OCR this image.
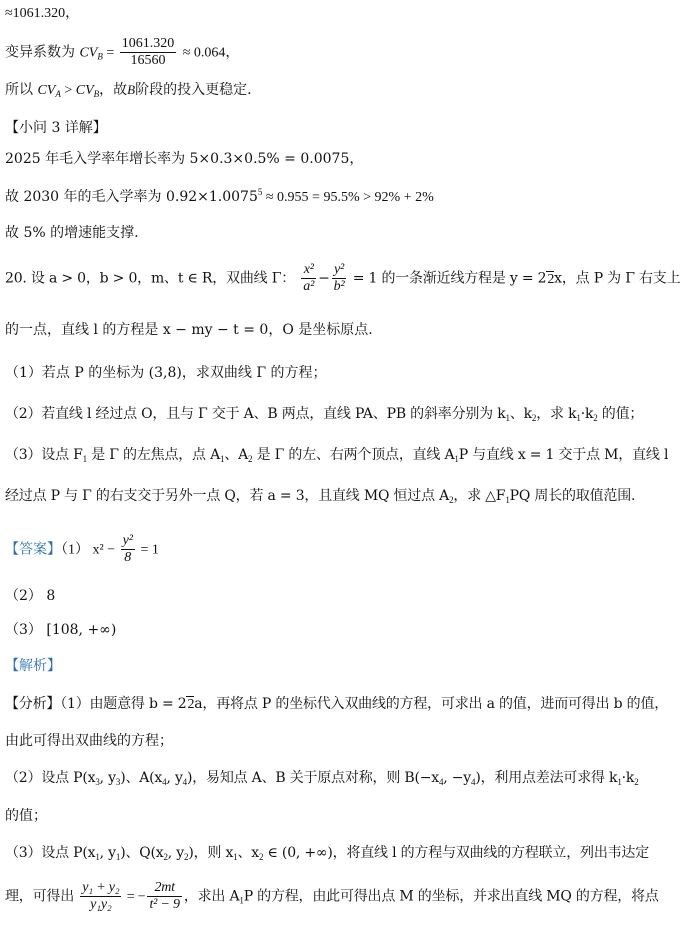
≈1061.320，
变异系数为 $CV_B = \frac{1061.320}{16560} \approx 0.064$，
所以 $CV_A > CV_B$，故B阶段的投入更稳定.
【小问 3 详解】
2025 年毛入学率年增长率为 5×0.3×0.5% = 0.0075，
故 2030 年的毛入学率为 $0.92\times 1.0075^5 \approx 0.955 = 95.5\% > 92\% + 2\%$
故 5% 的增速能支撑.
20. 设 a > 0，b > 0，m、t ∈ R，双曲线 Γ： $\frac{\text{x²}}{\text{a²}} - \frac{\text{y²}}{\text{b²}} = 1$ 的一条渐近线方程是 y = 22x，点 P 为 Γ 右支上
的一点，直线 l 的方程是 x − my − t = 0，O 是坐标原点.
（1）若点 P 的坐标为 (3,8)，求双曲线 Γ 的方程；
（2）若直线 l 经过点 O，且与 Γ 交于 A、B 两点，直线 PA、PB 的斜率分别为 $k_1$、$k_2$，求 $k_1\cdot k_2$ 的值；
（3）设点 $F_1$ 是 Γ 的左焦点，点 $A_1$、$A_2$ 是 Γ 的左、右两个顶点，直线 $A_1P$ 与直线 x = 1 交于点 M，直线 l
经过点 P 与 Γ 的右支交于另外一点 Q，若 a = 3，且直线 MQ 恒过点 $A_2$，求 $\triangle F_1PQ$ 周长的取值范围.
【答案】（1） $x^2 - \frac{\text{y²}}{8} = 1$
（2） 8
（3） [108, +∞)
【解析】
【分析】（1）由题意得 b = 22a，再将点 P 的坐标代入双曲线的方程，可求出 a 的值，进而可得出 b 的值，
由此可得出双曲线的方程；
（2）设点 $P(x_3$, $y_3$)、$A(x_4$, $y_4$)，易知点 A、B 关于原点对称，则 $B(-x_4$, $-y_4$)，利用点差法可求得 $k_1\cdot k_2$
的值；
（3）设点 $P(x_1$, $y_1$)、$Q(x_2$, $y_2$)，则 $x_1$、$x_2$ ∈ (0, +∞)，将直线 l 的方程与双曲线的方程联立，列出韦达定
理，可得出 $\frac{\text{y₁ + y₂}}{\text{y₁y₂}}$ = − $\frac{2mt}{\text{t² − 9}}$ ，求出 $A_1P$ 的方程，由此可得出点 M 的坐标，并求出直线 MQ 的方程，将点
